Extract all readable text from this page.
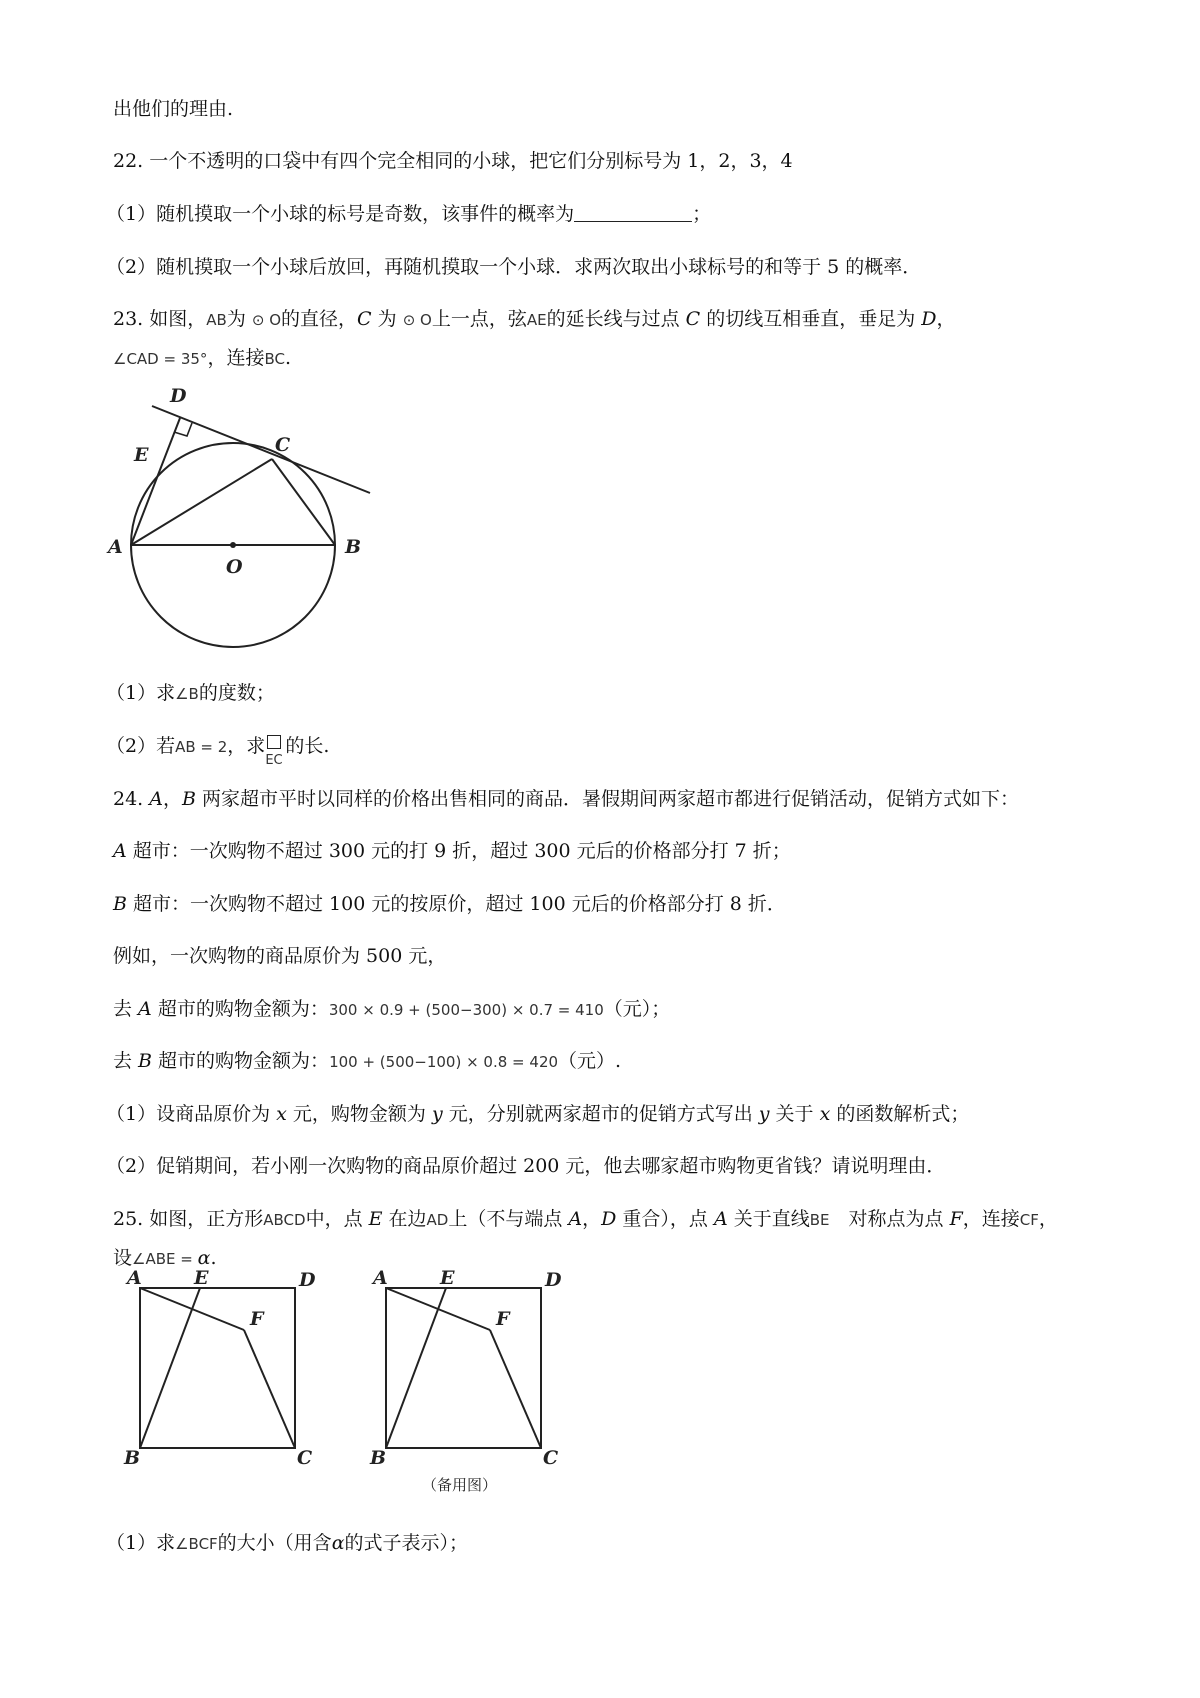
出他们的理由.
22. 一个不透明的口袋中有四个完全相同的小球，把它们分别标号为 1，2，3，4
（1）随机摸取一个小球的标号是奇数，该事件的概率为	；
（2）随机摸取一个小球后放回，再随机摸取一个小球．求两次取出小球标号的和等于 5 的概率．
23. 如图，AB为 ⊙ O的直径，C 为 ⊙ O上一点，弦AE的延长线与过点 C 的切线互相垂直，垂足为 D，
∠CAD = 35°，连接BC.
D
C
E
A
O
B
（1）求∠B的度数；
（2）若AB = 2，求
EC
的长.
24. A，B 两家超市平时以同样的价格出售相同的商品．暑假期间两家超市都进行促销活动，促销方式如下：
A 超市：一次购物不超过 300 元的打 9 折，超过 300 元后的价格部分打 7 折；
B 超市：一次购物不超过 100 元的按原价，超过 100 元后的价格部分打 8 折．
例如，一次购物的商品原价为 500 元，
去 A 超市的购物金额为：300 × 0.9 + (500−300) × 0.7 = 410（元）；
去 B 超市的购物金额为：100 + (500−100) × 0.8 = 420（元）.
（1）设商品原价为 x 元，购物金额为 y 元，分别就两家超市的促销方式写出 y 关于 x 的函数解析式；
（2）促销期间，若小刚一次购物的商品原价超过 200 元，他去哪家超市购物更省钱？请说明理由．
25. 如图，正方形ABCD中，点 E 在边AD上（不与端点 A，D 重合），点 A 关于直线BE　对称点为点 F，连接CF，
设∠ABE = α.
A	E	D
F
B	C
A	E	D
F
B	C
（备用图）
（1）求∠BCF的大小（用含α的式子表示）；
